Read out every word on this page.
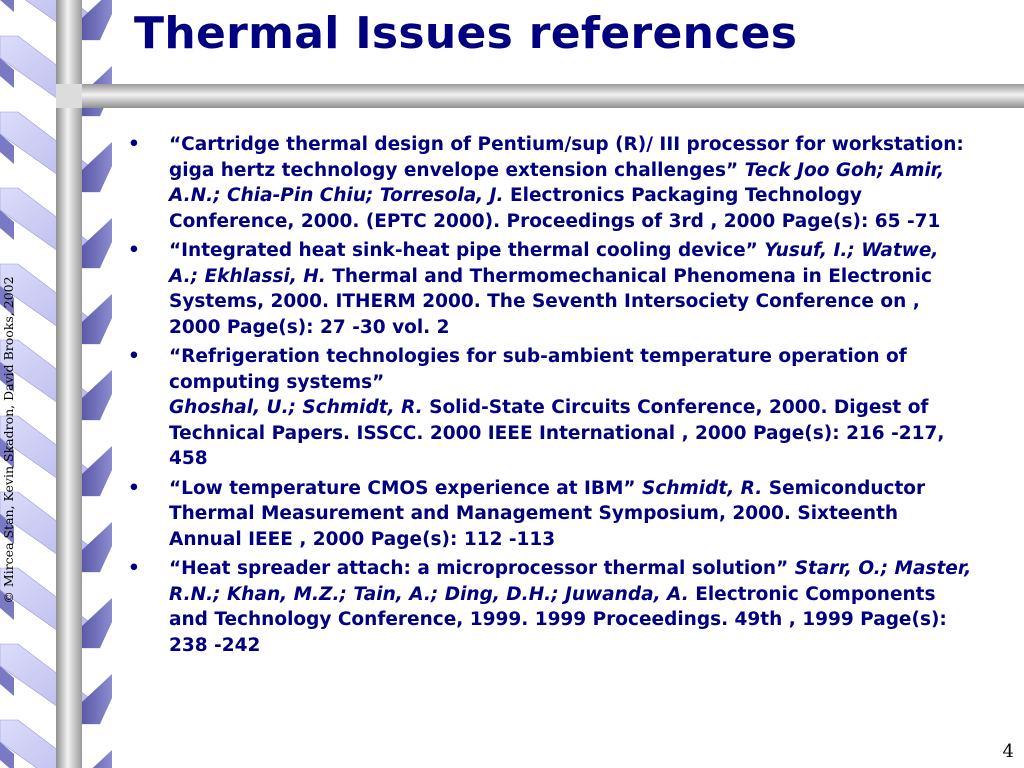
© Mircea Stan, Kevin Skadron, David Brooks, 2002
Thermal Issues references
• “Cartridge thermal design of Pentium/sup (R)/ III processor for workstation: giga hertz technology envelope extension challenges” Teck Joo Goh; Amir, A.N.; Chia-Pin Chiu; Torresola, J. Electronics Packaging Technology Conference, 2000. (EPTC 2000). Proceedings of 3rd , 2000 Page(s): 65 -71
• “Integrated heat sink-heat pipe thermal cooling device” Yusuf, I.; Watwe, A.; Ekhlassi, H. Thermal and Thermomechanical Phenomena in Electronic Systems, 2000. ITHERM 2000. The Seventh Intersociety Conference on , 2000 Page(s): 27 -30 vol. 2
• “Refrigeration technologies for sub-ambient temperature operation of computing systems”
Ghoshal, U.; Schmidt, R. Solid-State Circuits Conference, 2000. Digest of Technical Papers. ISSCC. 2000 IEEE International , 2000 Page(s): 216 -217, 458
• “Low temperature CMOS experience at IBM” Schmidt, R. Semiconductor Thermal Measurement and Management Symposium, 2000. Sixteenth Annual IEEE , 2000 Page(s): 112 -113
• “Heat spreader attach: a microprocessor thermal solution” Starr, O.; Master, R.N.; Khan, M.Z.; Tain, A.; Ding, D.H.; Juwanda, A. Electronic Components and Technology Conference, 1999. 1999 Proceedings. 49th , 1999 Page(s): 238 -242
4
